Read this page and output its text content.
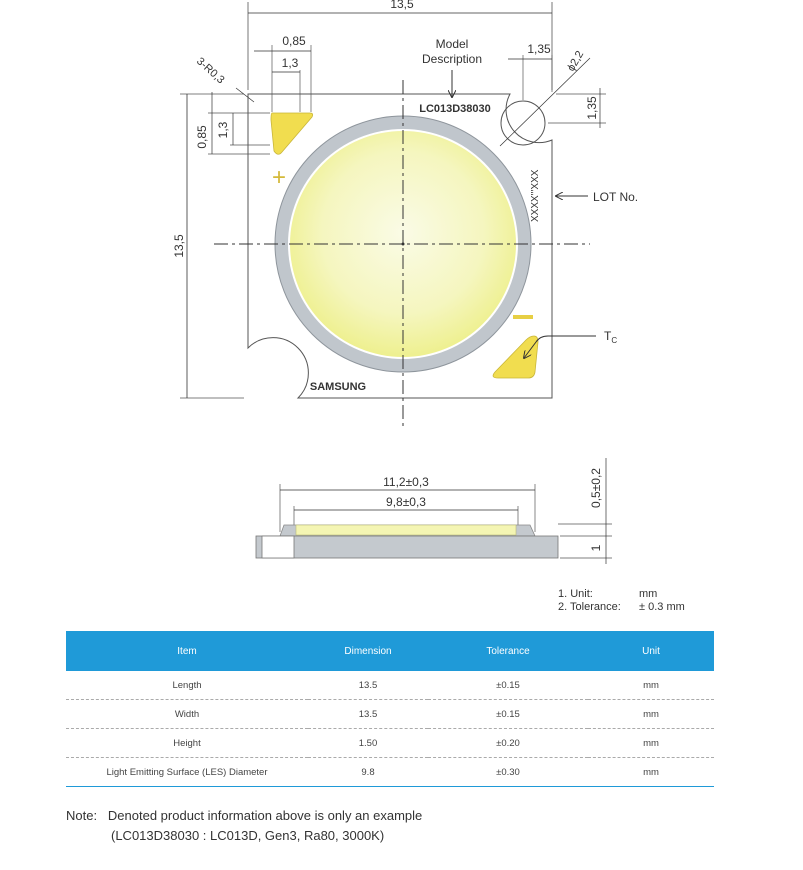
+
SAMSUNG
XXXX'''XXX
LC013D38030
Model
Description
LOT No.
$T_C$
13,5
13,5
0,85
1,3
0,85 1,3
3-R0,3
1,35
1,35
ϕ2,2
11,2±0,3
9,8±0,3	0,5±0,2
1
1. Unit:	mm
2. Tolerance:	± 0.3 mm
Item	Dimension	Tolerance	Unit
Length	13.5	±0.15	mm
Width	13.5	±0.15	mm
Height	1.50	±0.20	mm
Light Emitting Surface (LES) Diameter	9.8	±0.30	mm
Note:   Denoted product information above is only an example
(LC013D38030 : LC013D, Gen3, Ra80, 3000K)
